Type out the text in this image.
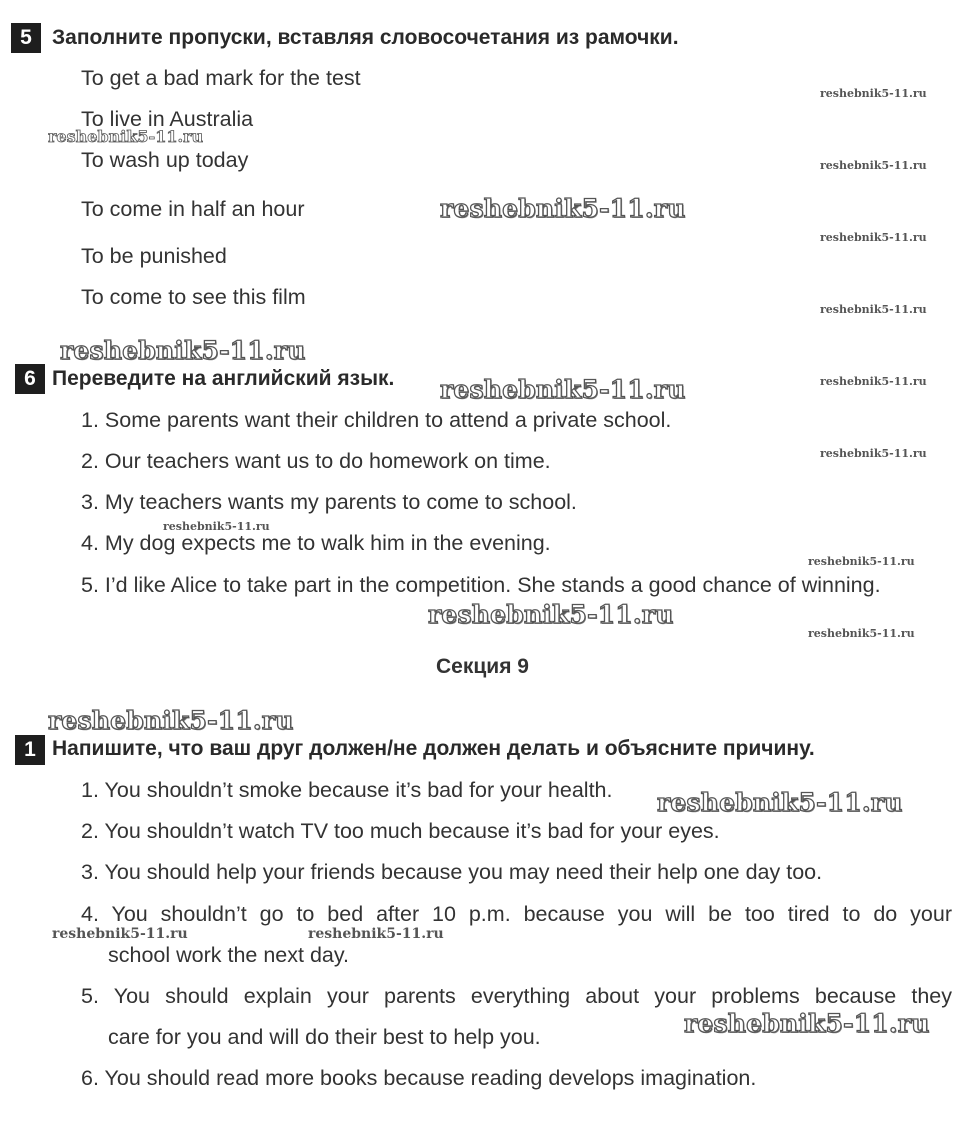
5 Заполните пропуски, вставляя словосочетания из рамочки.
To get a bad mark for the test
To live in Australia
To wash up today
To come in half an hour
To be punished
To come to see this film
6 Переведите на английский язык.
1. Some parents want their children to attend a private school.
2. Our teachers want us to do homework on time.
3. My teachers wants my parents to come to school.
4. My dog expects me to walk him in the evening.
5. I’d like Alice to take part in the competition. She stands a good chance of winning.
Секция 9
1 Напишите, что ваш друг должен/не должен делать и объясните причину.
1. You shouldn’t smoke because it’s bad for your health.
2. You shouldn’t watch TV too much because it’s bad for your eyes.
3. You should help your friends because you may need their help one day too.
4. You shouldn’t go to bed after 10 p.m. because you will be too tired to do your
school work the next day.
5. You should explain your parents everything about your problems because they
care for you and will do their best to help you.
6. You should read more books because reading develops imagination.
reshebnik5-11.ru
reshebnik5-11.ru
reshebnik5-11.ru
reshebnik5-11.ru
reshebnik5-11.ru
reshebnik5-11.ru
reshebnik5-11.ru
reshebnik5-11.ru	reshebnik5-11.ru
reshebnik5-11.ru
reshebnik5-11.ru
reshebnik5-11.ru
reshebnik5-11.ru
reshebnik5-11.ru
reshebnik5-11.ru
reshebnik5-11.ru
reshebnik5-11.ru	reshebnik5-11.ru
reshebnik5-11.ru
